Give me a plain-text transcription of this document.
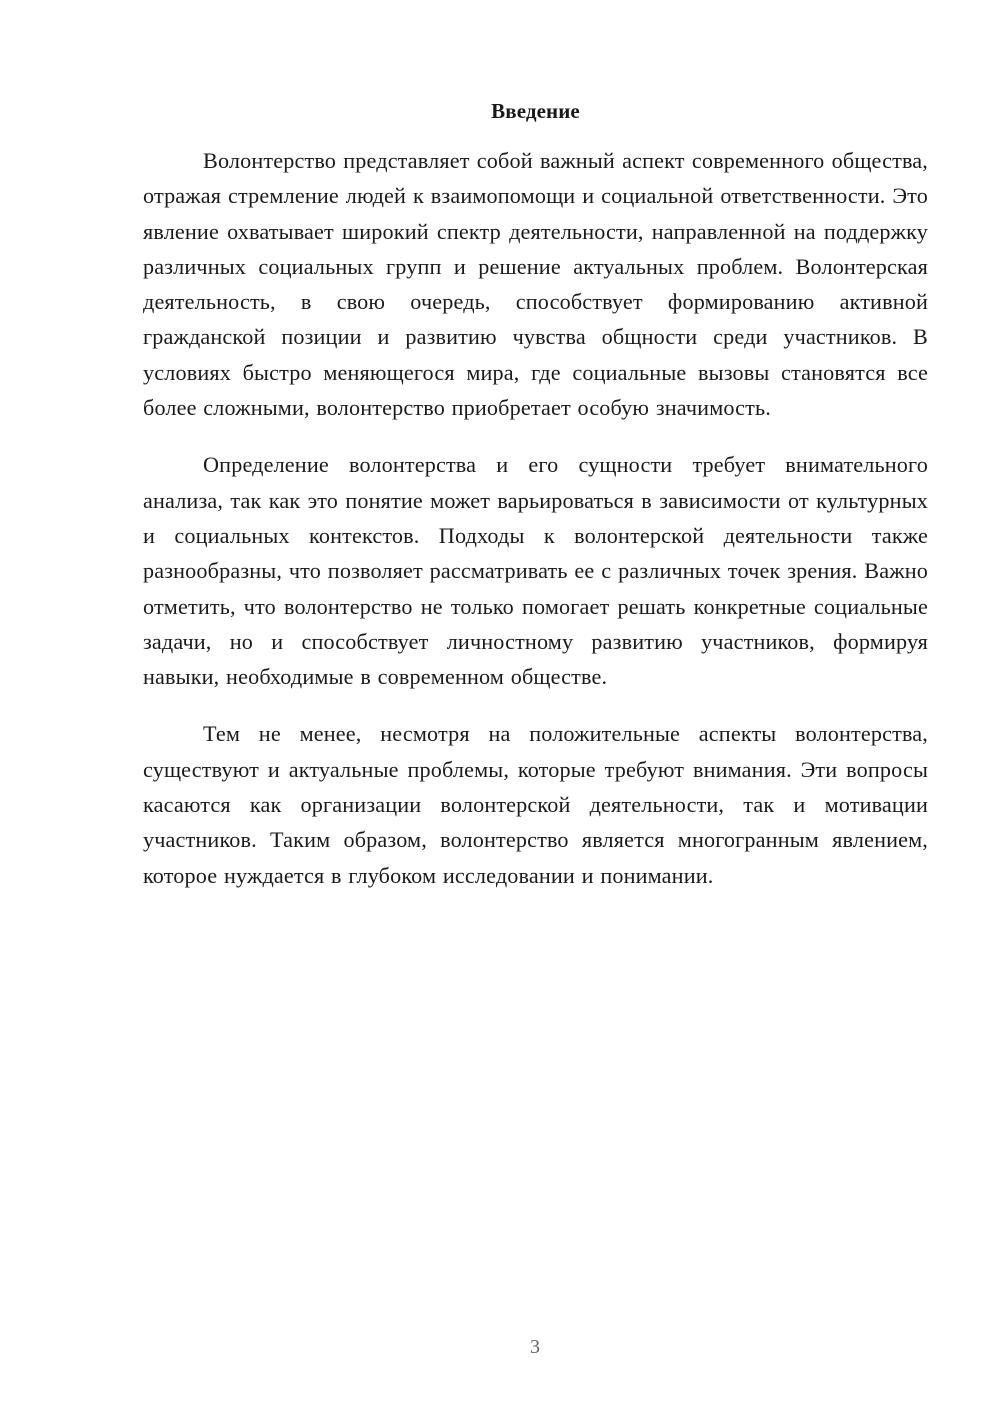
Введение

Волонтерство представляет собой важный аспект современного общества, отражая стремление людей к взаимопомощи и социальной ответственности. Это явление охватывает широкий спектр деятельности, направленной на поддержку различных социальных групп и решение актуальных проблем. Волонтерская деятельность, в свою очередь, способствует формированию активной гражданской позиции и развитию чувства общности среди участников. В условиях быстро меняющегося мира, где социальные вызовы становятся все более сложными, волонтерство приобретает особую значимость.

Определение волонтерства и его сущности требует внимательного анализа, так как это понятие может варьироваться в зависимости от культурных и социальных контекстов. Подходы к волонтерской деятельности также разнообразны, что позволяет рассматривать ее с различных точек зрения. Важно отметить, что волонтерство не только помогает решать конкретные социальные задачи, но и способствует личностному развитию участников, формируя навыки, необходимые в современном обществе.

Тем не менее, несмотря на положительные аспекты волонтерства, существуют и актуальные проблемы, которые требуют внимания. Эти вопросы касаются как организации волонтерской деятельности, так и мотивации участников. Таким образом, волонтерство является многогранным явлением, которое нуждается в глубоком исследовании и понимании.

3
